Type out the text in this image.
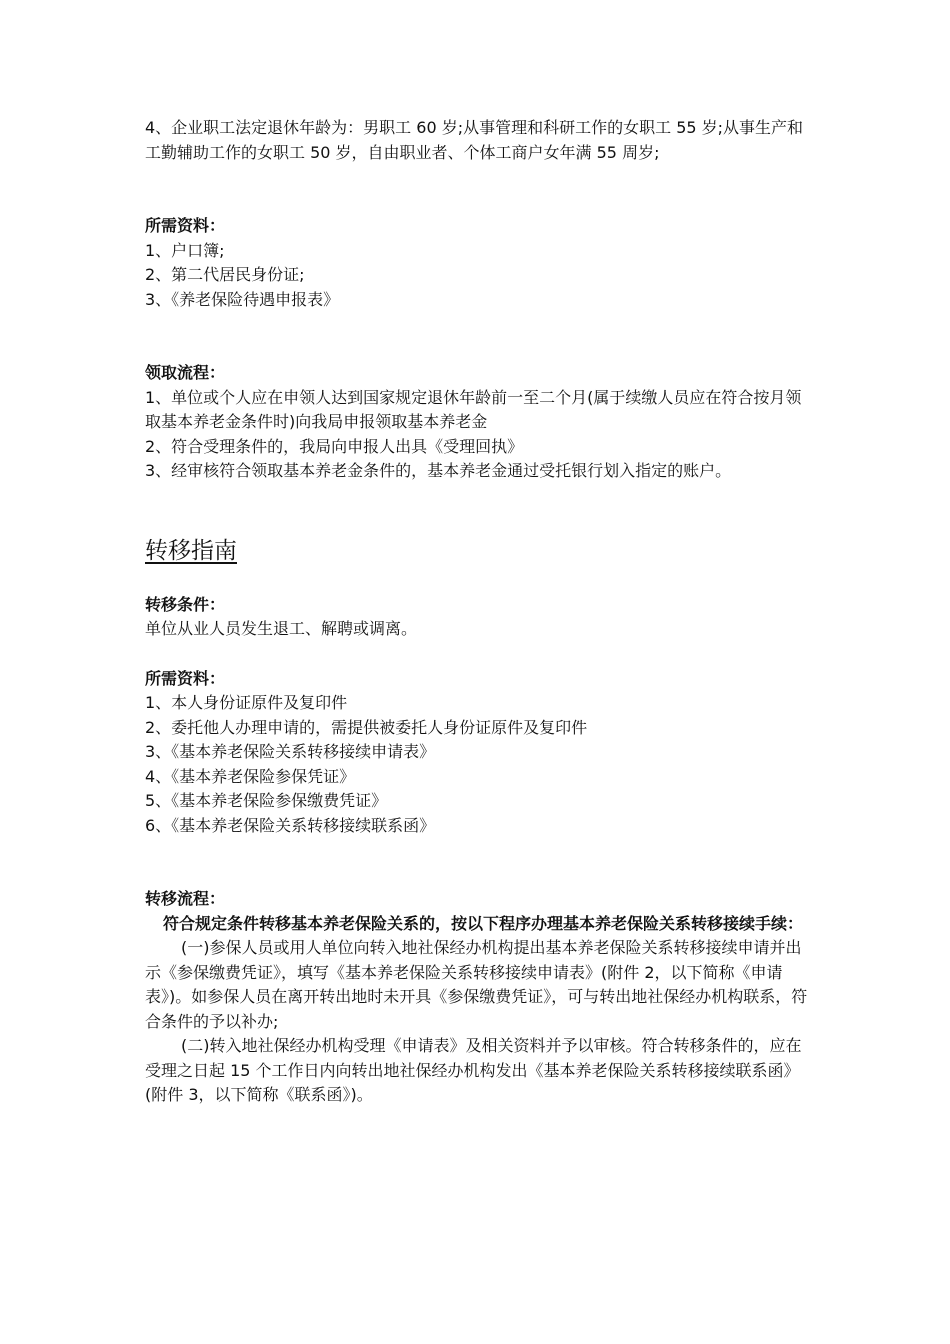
4、企业职工法定退休年龄为：男职工 60 岁;从事管理和科研工作的女职工 55 岁;从事生产和工勤辅助工作的女职工 50 岁，自由职业者、个体工商户女年满 55 周岁;

所需资料：

1、户口簿;

2、第二代居民身份证;

3、《养老保险待遇申报表》

领取流程：

1、单位或个人应在申领人达到国家规定退休年龄前一至二个月(属于续缴人员应在符合按月领取基本养老金条件时)向我局申报领取基本养老金

2、符合受理条件的，我局向申报人出具《受理回执》

3、经审核符合领取基本养老金条件的，基本养老金通过受托银行划入指定的账户。

转移指南

转移条件：

单位从业人员发生退工、解聘或调离。

所需资料：

1、本人身份证原件及复印件

2、委托他人办理申请的，需提供被委托人身份证原件及复印件

3、《基本养老保险关系转移接续申请表》

4、《基本养老保险参保凭证》

5、《基本养老保险参保缴费凭证》

6、《基本养老保险关系转移接续联系函》

转移流程：

符合规定条件转移基本养老保险关系的，按以下程序办理基本养老保险关系转移接续手续：

(一)参保人员或用人单位向转入地社保经办机构提出基本养老保险关系转移接续申请并出示《参保缴费凭证》，填写《基本养老保险关系转移接续申请表》(附件 2，以下简称《申请表》)。如参保人员在离开转出地时未开具《参保缴费凭证》，可与转出地社保经办机构联系，符合条件的予以补办;

(二)转入地社保经办机构受理《申请表》及相关资料并予以审核。符合转移条件的，应在受理之日起 15 个工作日内向转出地社保经办机构发出《基本养老保险关系转移接续联系函》(附件 3，以下简称《联系函》)。
